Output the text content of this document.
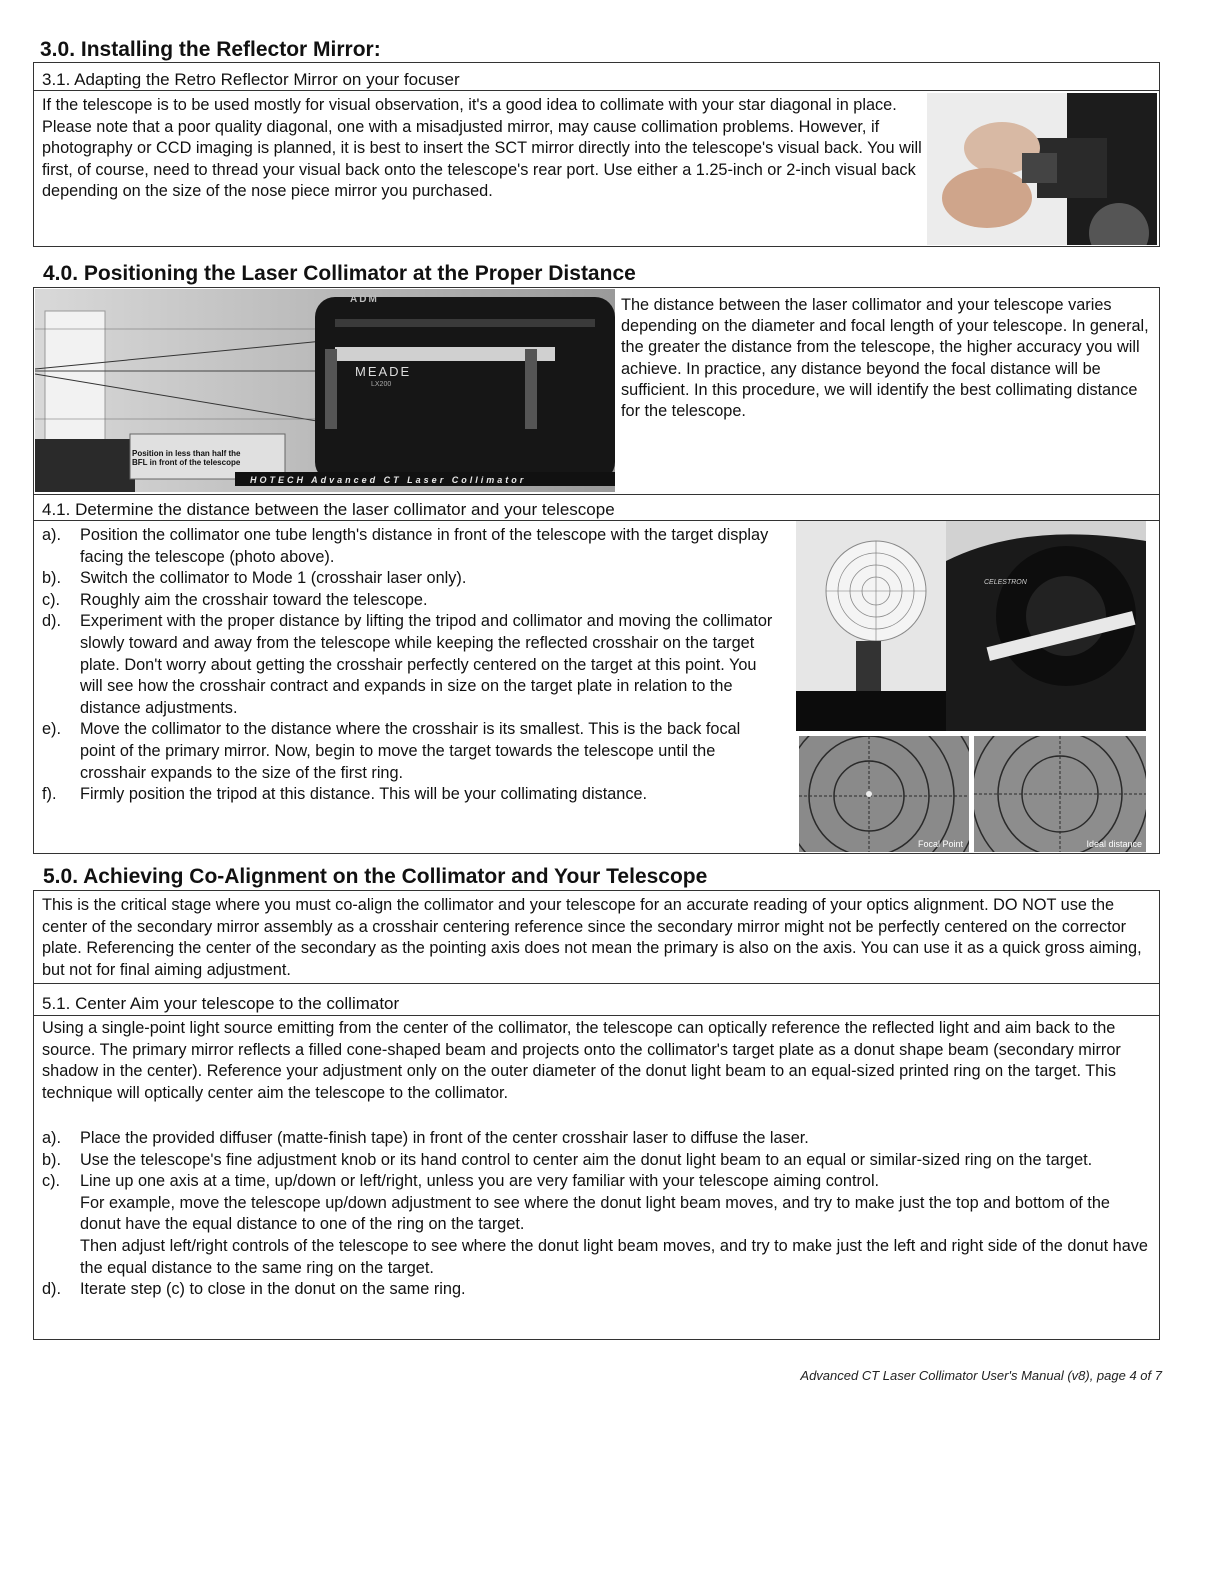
3.0. Installing the Reflector Mirror:
3.1. Adapting the Retro Reflector Mirror on your focuser

If the telescope is to be used mostly for visual observation, it's a good idea to collimate with your star diagonal in place. Please note that a poor quality diagonal, one with a misadjusted mirror, may cause collimation problems. However, if photography or CCD imaging is planned, it is best to insert the SCT mirror directly into the telescope's visual back. You will first, of course, need to thread your visual back onto the telescope's rear port. Use either a 1.25-inch or 2-inch visual back depending on the size of the nose piece mirror you purchased.

4.0. Positioning the Laser Collimator at the Proper Distance
ADM
MEADE
LX200
Position in less than half the
BFL in front of the telescope
HOTECH Advanced CT Laser Collimator

The distance between the laser collimator and your telescope varies depending on the diameter and focal length of your telescope. In general, the greater the distance from the telescope, the higher accuracy you will achieve. In practice, any distance beyond the focal distance will be sufficient. In this procedure, we will identify the best collimating distance for the telescope.

4.1. Determine the distance between the laser collimator and your telescope
a). Position the collimator one tube length's distance in front of the telescope with the target display facing the telescope (photo above).
b). Switch the collimator to Mode 1 (crosshair laser only).
c). Roughly aim the crosshair toward the telescope.
d). Experiment with the proper distance by lifting the tripod and collimator and moving the collimator slowly toward and away from the telescope while keeping the reflected crosshair on the target plate. Don't worry about getting the crosshair perfectly centered on the target at this point. You will see how the crosshair contract and expands in size on the target plate in relation to the distance adjustments.
e). Move the collimator to the distance where the crosshair is its smallest. This is the back focal point of the primary mirror. Now, begin to move the target towards the telescope until the crosshair expands to the size of the first ring.
f). Firmly position the tripod at this distance. This will be your collimating distance.
CELESTRON
Focal Point	Ideal distance
5.0. Achieving Co-Alignment on the Collimator and Your Telescope

This is the critical stage where you must co-align the collimator and your telescope for an accurate reading of your optics alignment. DO NOT use the center of the secondary mirror assembly as a crosshair centering reference since the secondary mirror might not be perfectly centered on the corrector plate. Referencing the center of the secondary as the pointing axis does not mean the primary is also on the axis. You can use it as a quick gross aiming, but not for final aiming adjustment.

5.1. Center Aim your telescope to the collimator

Using a single-point light source emitting from the center of the collimator, the telescope can optically reference the reflected light and aim back to the source. The primary mirror reflects a filled cone-shaped beam and projects onto the collimator's target plate as a donut shape beam (secondary mirror shadow in the center). Reference your adjustment only on the outer diameter of the donut light beam to an equal-sized printed ring on the target. This technique will optically center aim the telescope to the collimator.

a). Place the provided diffuser (matte-finish tape) in front of the center crosshair laser to diffuse the laser.
b). Use the telescope's fine adjustment knob or its hand control to center aim the donut light beam to an equal or similar-sized ring on the target.
c). Line up one axis at a time, up/down or left/right, unless you are very familiar with your telescope aiming control.
For example, move the telescope up/down adjustment to see where the donut light beam moves, and try to make just the top and bottom of the donut have the equal distance to one of the ring on the target.
Then adjust left/right controls of the telescope to see where the donut light beam moves, and try to make just the left and right side of the donut have the equal distance to the same ring on the target.
d). Iterate step (c) to close in the donut on the same ring.
Advanced CT Laser Collimator User's Manual (v8), page 4 of 7
